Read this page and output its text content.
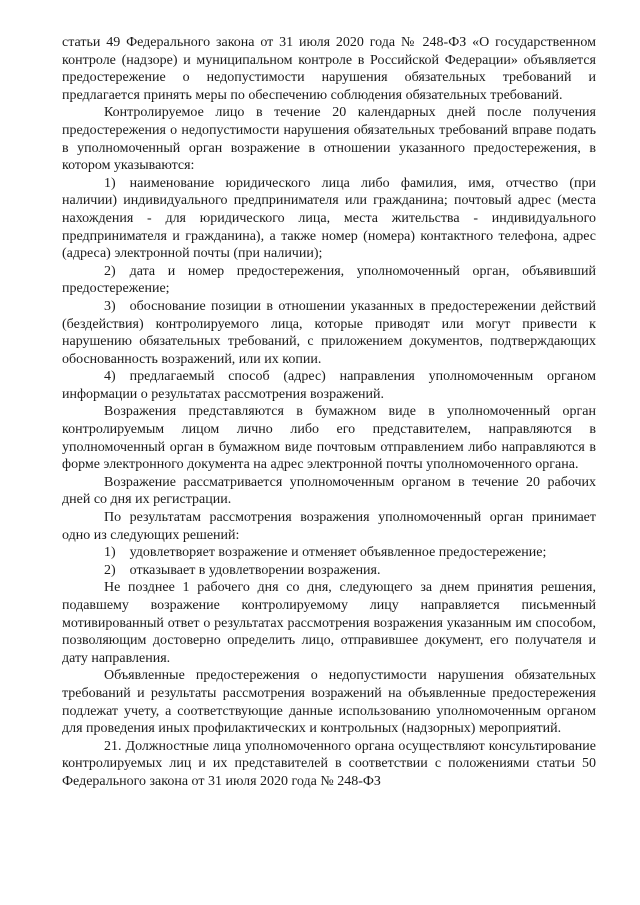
статьи 49 Федерального закона от 31 июля 2020 года № 248-ФЗ «О государственном контроле (надзоре) и муниципальном контроле в Российской Федерации» объявляется предостережение о недопустимости нарушения обязательных требований и предлагается принять меры по обеспечению соблюдения обязательных требований.

Контролируемое лицо в течение 20 календарных дней после получения предостережения о недопустимости нарушения обязательных требований вправе подать в уполномоченный орган возражение в отношении указанного предостережения, в котором указываются:

1) наименование юридического лица либо фамилия, имя, отчество (при наличии) индивидуального предпринимателя или гражданина; почтовый адрес (места нахождения - для юридического лица, места жительства - индивидуального предпринимателя и гражданина), а также номер (номера) контактного телефона, адрес (адреса) электронной почты (при наличии);

2) дата и номер предостережения, уполномоченный орган, объявивший предостережение;

3) обоснование позиции в отношении указанных в предостережении действий (бездействия) контролируемого лица, которые приводят или могут привести к нарушению обязательных требований, с приложением документов, подтверждающих обоснованность возражений, или их копии.

4) предлагаемый способ (адрес) направления уполномоченным органом информации о результатах рассмотрения возражений.

Возражения представляются в бумажном виде в уполномоченный орган контролируемым лицом лично либо его представителем, направляются в уполномоченный орган в бумажном виде почтовым отправлением либо направляются в форме электронного документа на адрес электронной почты уполномоченного органа.

Возражение рассматривается уполномоченным органом в течение 20 рабочих дней со дня их регистрации.

По результатам рассмотрения возражения уполномоченный орган принимает одно из следующих решений:

1) удовлетворяет возражение и отменяет объявленное предостережение;

2) отказывает в удовлетворении возражения.

Не позднее 1 рабочего дня со дня, следующего за днем принятия решения, подавшему возражение контролируемому лицу направляется письменный мотивированный ответ о результатах рассмотрения возражения указанным им способом, позволяющим достоверно определить лицо, отправившее документ, его получателя и дату направления.

Объявленные предостережения о недопустимости нарушения обязательных требований и результаты рассмотрения возражений на объявленные предостережения подлежат учету, а соответствующие данные использованию уполномоченным органом для проведения иных профилактических и контрольных (надзорных) мероприятий.

21. Должностные лица уполномоченного органа осуществляют консультирование контролируемых лиц и их представителей в соответствии с положениями статьи 50 Федерального закона от 31 июля 2020 года № 248-ФЗ
